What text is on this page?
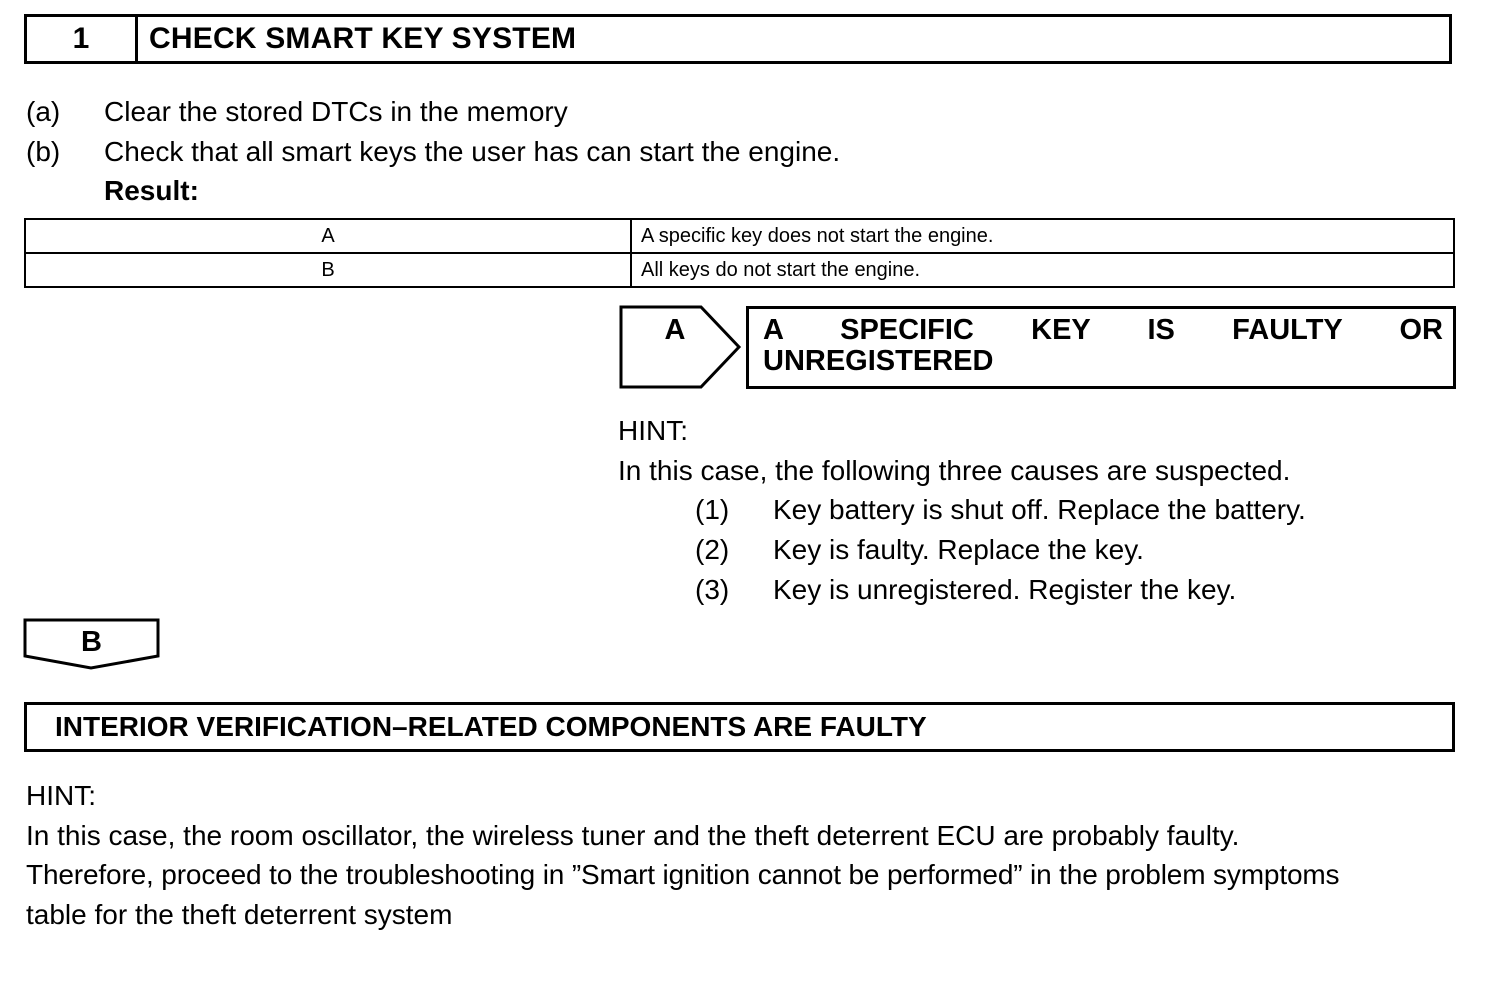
1	CHECK SMART KEY SYSTEM
(a) Clear the stored DTCs in the memory
(b) Check that all smart keys the user has can start the engine.
Result:
A	A specific key does not start the engine.
B	All keys do not start the engine.
A	A SPECIFIC KEY IS FAULTY OR
UNREGISTERED
HINT:
In this case, the following three causes are suspected.
(1) Key battery is shut off. Replace the battery.
(2) Key is faulty. Replace the key.
(3) Key is unregistered. Register the key.
B
INTERIOR VERIFICATION–RELATED COMPONENTS ARE FAULTY
HINT:
In this case, the room oscillator, the wireless tuner and the theft deterrent ECU are probably faulty.
Therefore, proceed to the troubleshooting in ”Smart ignition cannot be performed” in the problem symptoms
table for the theft deterrent system
